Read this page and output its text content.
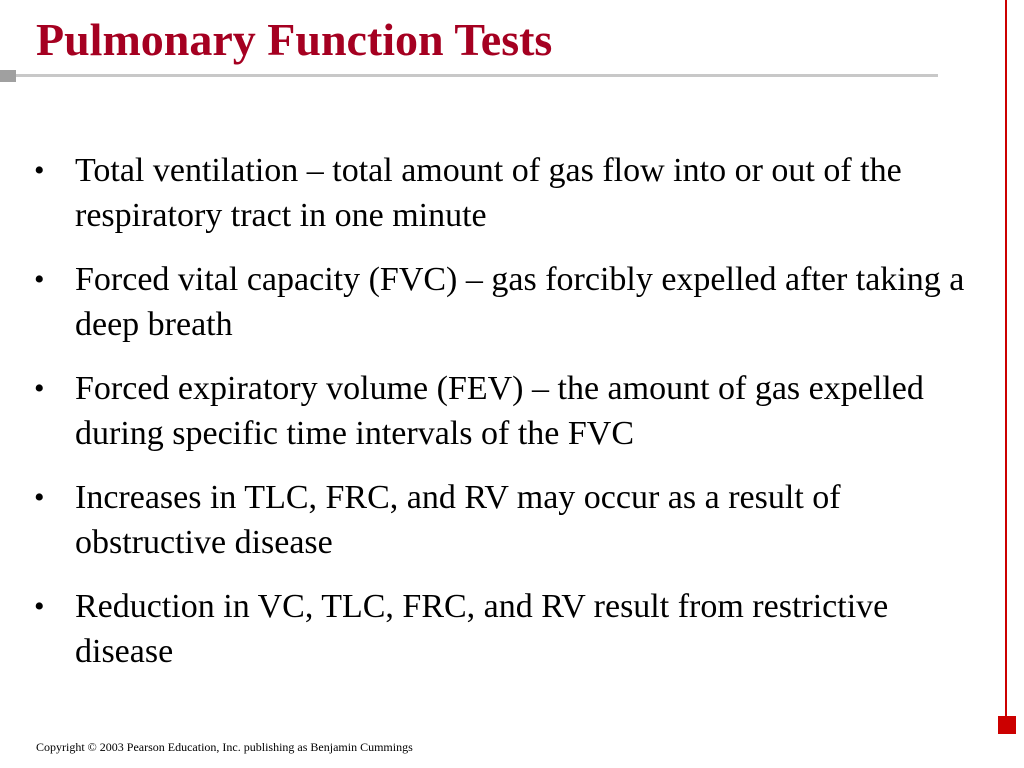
Pulmonary Function Tests
• Total ventilation – total amount of gas flow into or out of the respiratory tract in one minute
• Forced vital capacity (FVC) – gas forcibly expelled after taking a deep breath
• Forced expiratory volume (FEV) – the amount of gas expelled during specific time intervals of the FVC
• Increases in TLC, FRC, and RV may occur as a result of obstructive disease
• Reduction in VC, TLC, FRC, and RV result from restrictive disease
Copyright © 2003 Pearson Education, Inc. publishing as Benjamin Cummings
